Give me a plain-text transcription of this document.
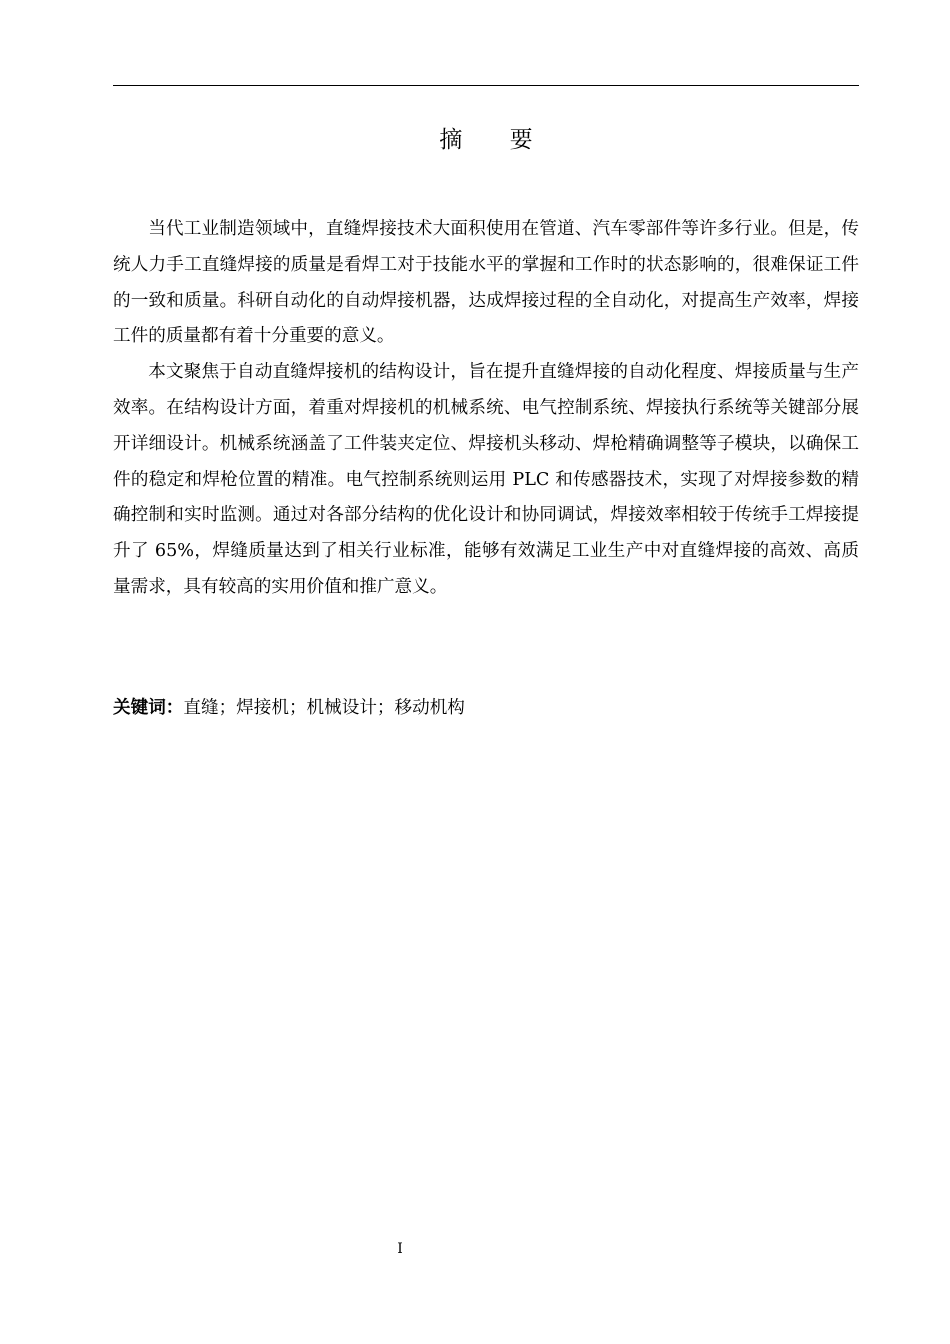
摘 要

当代工业制造领域中，直缝焊接技术大面积使用在管道、汽车零部件等许多行业。但是，传统人力手工直缝焊接的质量是看焊工对于技能水平的掌握和工作时的状态影响的，很难保证工件的一致和质量。科研自动化的自动焊接机器，达成焊接过程的全自动化，对提高生产效率，焊接工件的质量都有着十分重要的意义。

本文聚焦于自动直缝焊接机的结构设计，旨在提升直缝焊接的自动化程度、焊接质量与生产效率。在结构设计方面，着重对焊接机的机械系统、电气控制系统、焊接执行系统等关键部分展开详细设计。机械系统涵盖了工件装夹定位、焊接机头移动、焊枪精确调整等子模块，以确保工件的稳定和焊枪位置的精准。电气控制系统则运用 PLC 和传感器技术，实现了对焊接参数的精确控制和实时监测。通过对各部分结构的优化设计和协同调试，焊接效率相较于传统手工焊接提升了 65%，焊缝质量达到了相关行业标准，能够有效满足工业生产中对直缝焊接的高效、高质量需求，具有较高的实用价值和推广意义。

关键词：直缝；焊接机；机械设计；移动机构
I
